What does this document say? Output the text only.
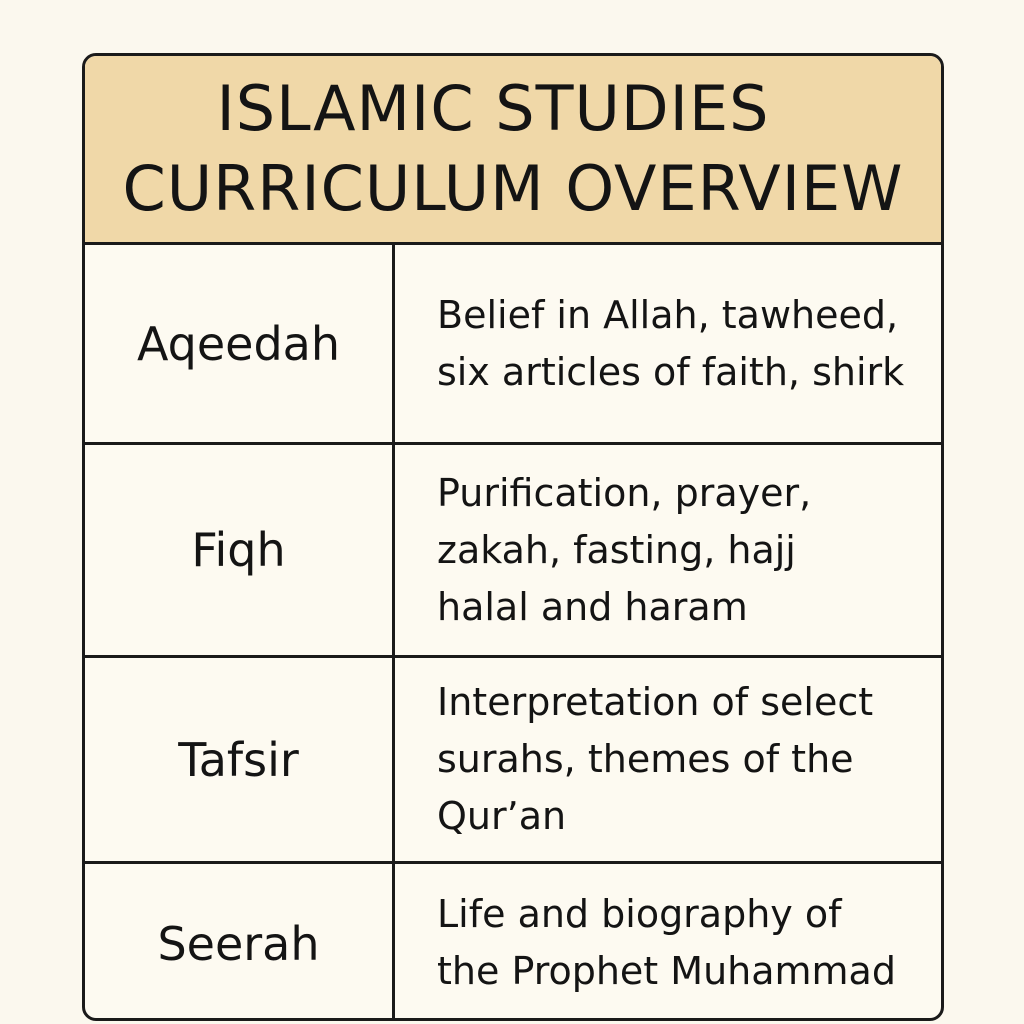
ISLAMIC STUDIES
CURRICULUM OVERVIEW
Aqeedah
Belief in Allah, tawheed,
six articles of faith, shirk
Fiqh
Purification, prayer,
zakah, fasting, hajj
halal and haram
Tafsir
Interpretation of select
surahs, themes of the
Qur’an
Seerah
Life and biography of
the Prophet Muhammad
